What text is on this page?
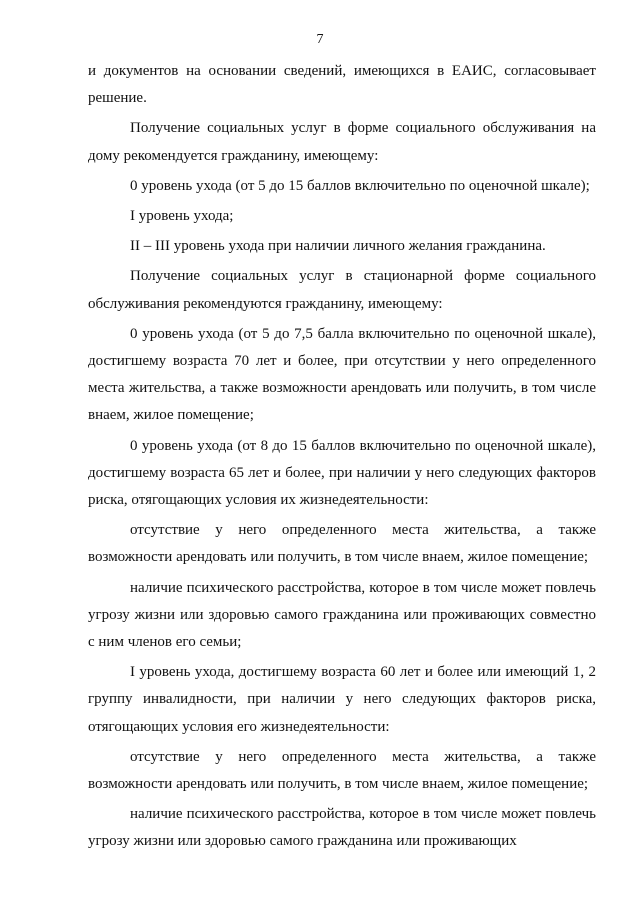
7

и документов на основании сведений, имеющихся в ЕАИС, согласовывает решение.

Получение социальных услуг в форме социального обслуживания на дому рекомендуется гражданину, имеющему:

0 уровень ухода (от 5 до 15 баллов включительно по оценочной шкале);

I уровень ухода;

II – III уровень ухода при наличии личного желания гражданина.

Получение социальных услуг в стационарной форме социального обслуживания рекомендуются гражданину, имеющему:

0 уровень ухода (от 5 до 7,5 балла включительно по оценочной шкале), достигшему возраста 70 лет и более, при отсутствии у него определенного места жительства, а также возможности арендовать или получить, в том числе внаем, жилое помещение;

0 уровень ухода (от 8 до 15 баллов включительно по оценочной шкале), достигшему возраста 65 лет и более, при наличии у него следующих факторов риска, отягощающих условия их жизнедеятельности:

отсутствие у него определенного места жительства, а также возможности арендовать или получить, в том числе внаем, жилое помещение;

наличие психического расстройства, которое в том числе может повлечь угрозу жизни или здоровью самого гражданина или проживающих совместно с ним членов его семьи;

I уровень ухода, достигшему возраста 60 лет и более или имеющий 1, 2 группу инвалидности, при наличии у него следующих факторов риска, отягощающих условия его жизнедеятельности:

отсутствие у него определенного места жительства, а также возможности арендовать или получить, в том числе внаем, жилое помещение;

наличие психического расстройства, которое в том числе может повлечь угрозу жизни или здоровью самого гражданина или проживающих
